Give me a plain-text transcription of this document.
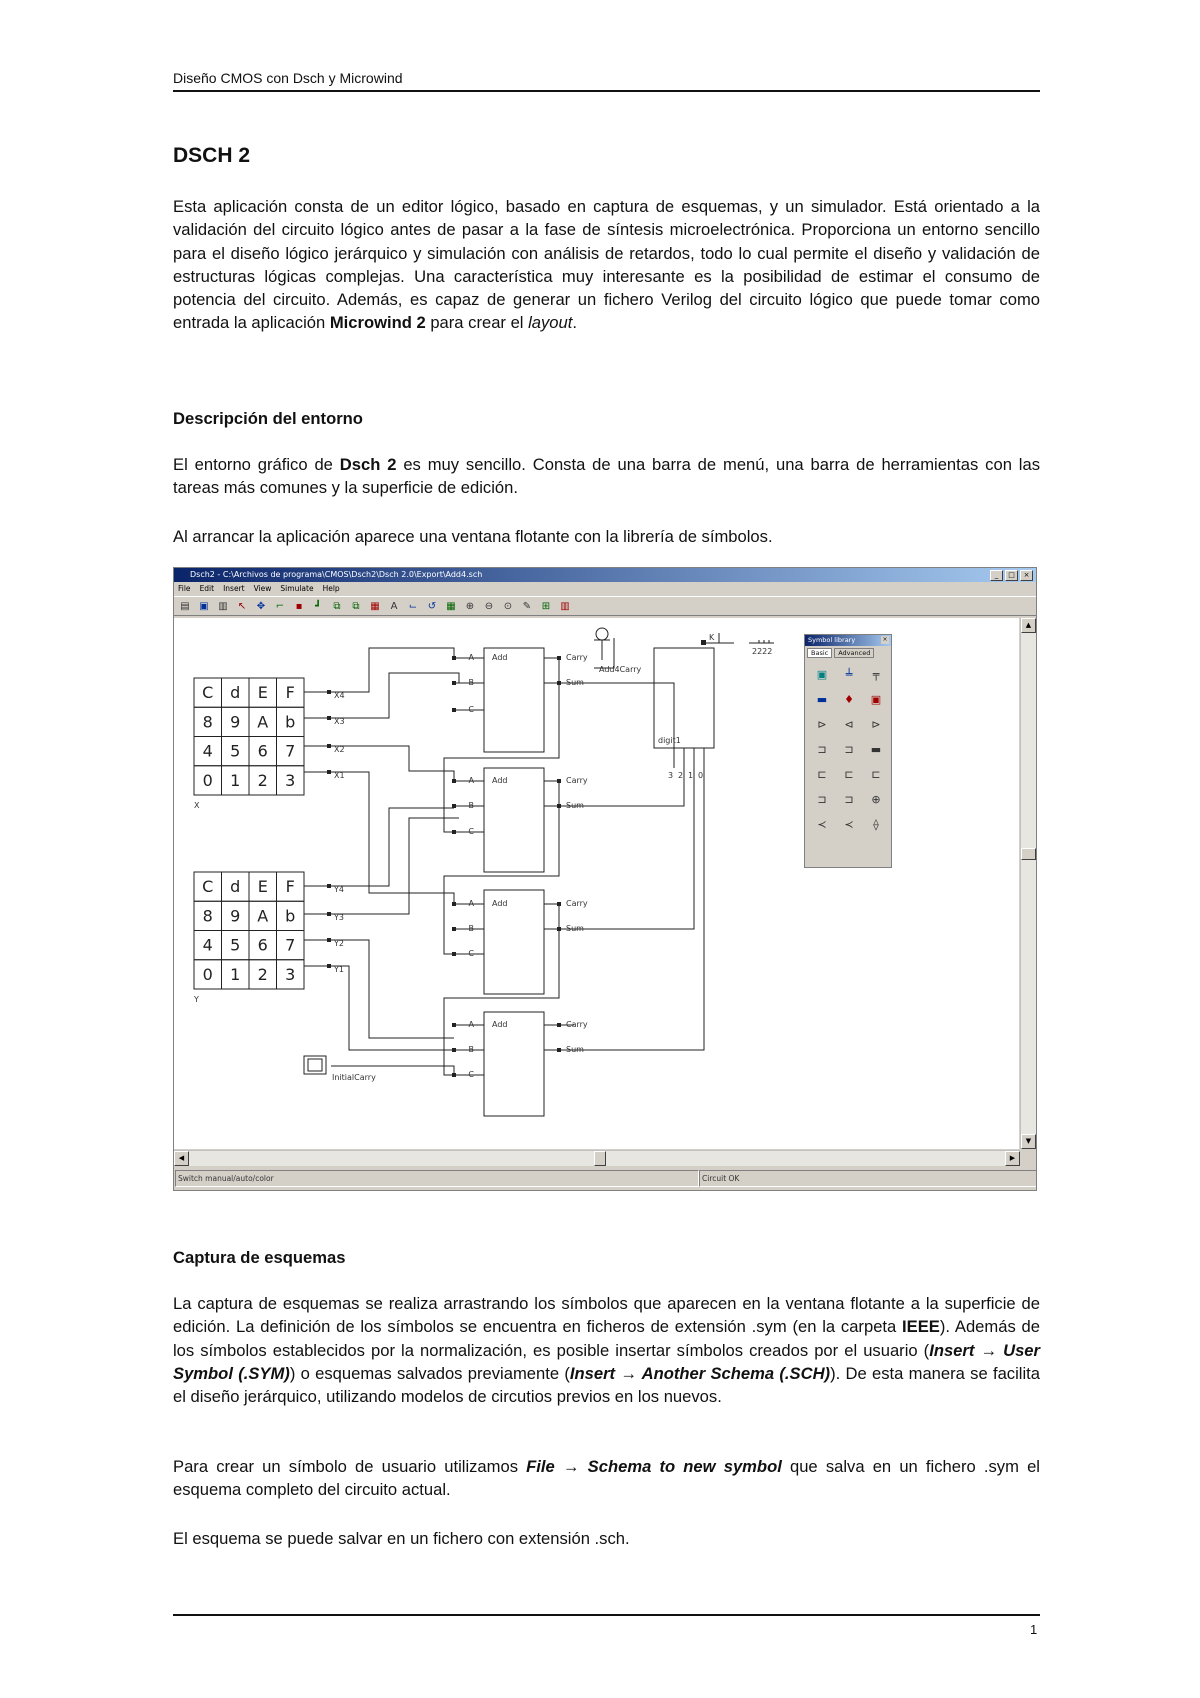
Diseño CMOS con Dsch y Microwind
DSCH 2
Esta aplicación consta de un editor lógico, basado en captura de esquemas, y un simulador. Está orientado a la validación del circuito lógico antes de pasar a la fase de síntesis microelectrónica. Proporciona un entorno sencillo para el diseño lógico jerárquico y simulación con análisis de retardos, todo lo cual permite el diseño y validación de estructuras lógicas complejas. Una característica muy interesante es la posibilidad de estimar el consumo de potencia del circuito. Además, es capaz de generar un fichero Verilog del circuito lógico que puede tomar como entrada la aplicación Microwind 2 para crear el layout.
Descripción del entorno
El entorno gráfico de Dsch 2 es muy sencillo. Consta de una barra de menú, una barra de herramientas con las tareas más comunes y la superficie de edición.
Al arrancar la aplicación aparece una ventana flotante con la librería de símbolos.
Dsch2 - C:\Archivos de programa\CMOS\Dsch2\Dsch 2.0\Export\Add4.sch	_	□	×
File Edit Insert View Simulate Help
▤ ▣ ▥	↖	✥	⌐	▪	┛	⧉	⧉	▦	A	⌙	↺	▦	⊕	⊖	⊙	✎	⊞	▥
C d E F
8 9 A b
4 5 6 7
0 1 2 3
C d E F
8 9 A b
4 5 6 7
0 1 2 3
X
Y
X4
X3
X2
X1
Y4
Y3
Y2
Y1
A
B
C
A
B
C
A
B
C
A
B
C
Add
Add
Add
Add
Carry
Sum
Carry
Sum
Carry
Sum
Carry
Sum
InitialCarry
Add4Carry
digit1
3 2 1 0
K
2222
Symbol library
Basic	Advanced
▣	╧	╤
▬	♦	▣
⊳	⊲	⊳
⊐	⊐	▬
⊏	⊏	⊏
⊐	⊐	⊕
≺	≺	⟠
×
▲
▼
◀	▶
Switch manual/auto/color	Circuit OK
Captura de esquemas
La captura de esquemas se realiza arrastrando los símbolos que aparecen en la ventana flotante a la superficie de edición. La definición de los símbolos se encuentra en ficheros de extensión .sym (en la carpeta IEEE). Además de los símbolos establecidos por la normalización, es posible insertar símbolos creados por el usuario (Insert → User Symbol (.SYM)) o esquemas salvados previamente (Insert → Another Schema (.SCH)). De esta manera se facilita el diseño jerárquico, utilizando modelos de circutios previos en los nuevos.
Para crear un símbolo de usuario utilizamos File → Schema to new symbol que salva en un fichero .sym el esquema completo del circuito actual.
El esquema se puede salvar en un fichero con extensión .sch.
1
